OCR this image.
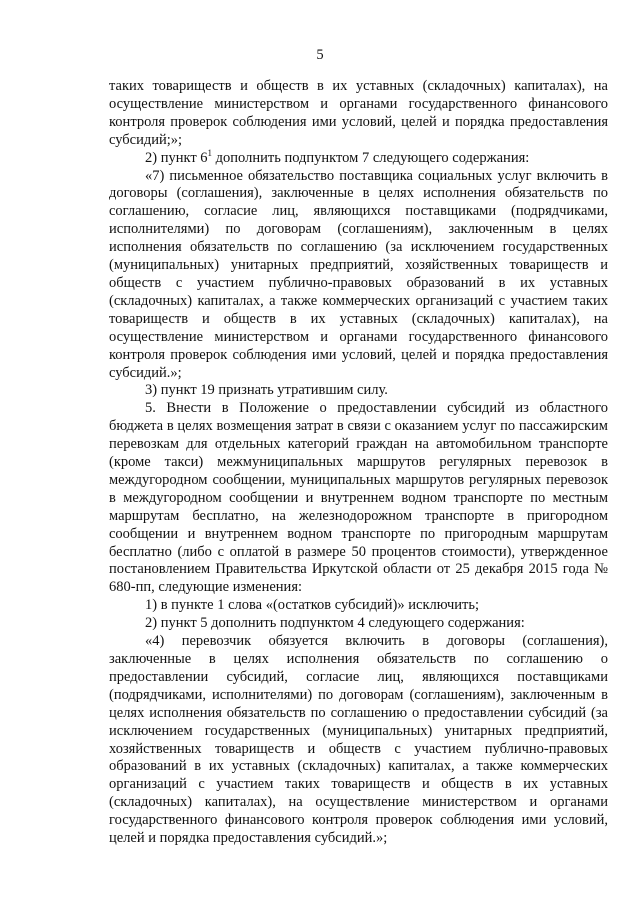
5

таких товариществ и обществ в их уставных (складочных) капиталах), на осуществление министерством и органами государственного финансового контроля проверок соблюдения ими условий, целей и порядка предоставления субсидий;»;

2) пункт $6^1$ дополнить подпунктом 7 следующего содержания:

«7) письменное обязательство поставщика социальных услуг включить в договоры (соглашения), заключенные в целях исполнения обязательств по соглашению, согласие лиц, являющихся поставщиками (подрядчиками, исполнителями) по договорам (соглашениям), заключенным в целях исполнения обязательств по соглашению (за исключением государственных (муниципальных) унитарных предприятий, хозяйственных товариществ и обществ с участием публично-правовых образований в их уставных (складочных) капиталах, а также коммерческих организаций с участием таких товариществ и обществ в их уставных (складочных) капиталах), на осуществление министерством и органами государственного финансового контроля проверок соблюдения ими условий, целей и порядка предоставления субсидий.»;

3) пункт 19 признать утратившим силу.

5. Внести в Положение о предоставлении субсидий из областного бюджета в целях возмещения затрат в связи с оказанием услуг по пассажирским перевозкам для отдельных категорий граждан на автомобильном транспорте (кроме такси) межмуниципальных маршрутов регулярных перевозок в междугородном сообщении, муниципальных маршрутов регулярных перевозок в междугородном сообщении и внутреннем водном транспорте по местным маршрутам бесплатно, на железнодорожном транспорте в пригородном сообщении и внутреннем водном транспорте по пригородным маршрутам бесплатно (либо с оплатой в размере 50 процентов стоимости), утвержденное постановлением Правительства Иркутской области от 25 декабря 2015 года № 680-пп, следующие изменения:

1) в пункте 1 слова «(остатков субсидий)» исключить;

2) пункт 5 дополнить подпунктом 4 следующего содержания:

«4) перевозчик обязуется включить в договоры (соглашения), заключенные в целях исполнения обязательств по соглашению о предоставлении субсидий, согласие лиц, являющихся поставщиками (подрядчиками, исполнителями) по договорам (соглашениям), заключенным в целях исполнения обязательств по соглашению о предоставлении субсидий (за исключением государственных (муниципальных) унитарных предприятий, хозяйственных товариществ и обществ с участием публично-правовых образований в их уставных (складочных) капиталах, а также коммерческих организаций с участием таких товариществ и обществ в их уставных (складочных) капиталах), на осуществление министерством и органами государственного финансового контроля проверок соблюдения ими условий, целей и порядка предоставления субсидий.»;
